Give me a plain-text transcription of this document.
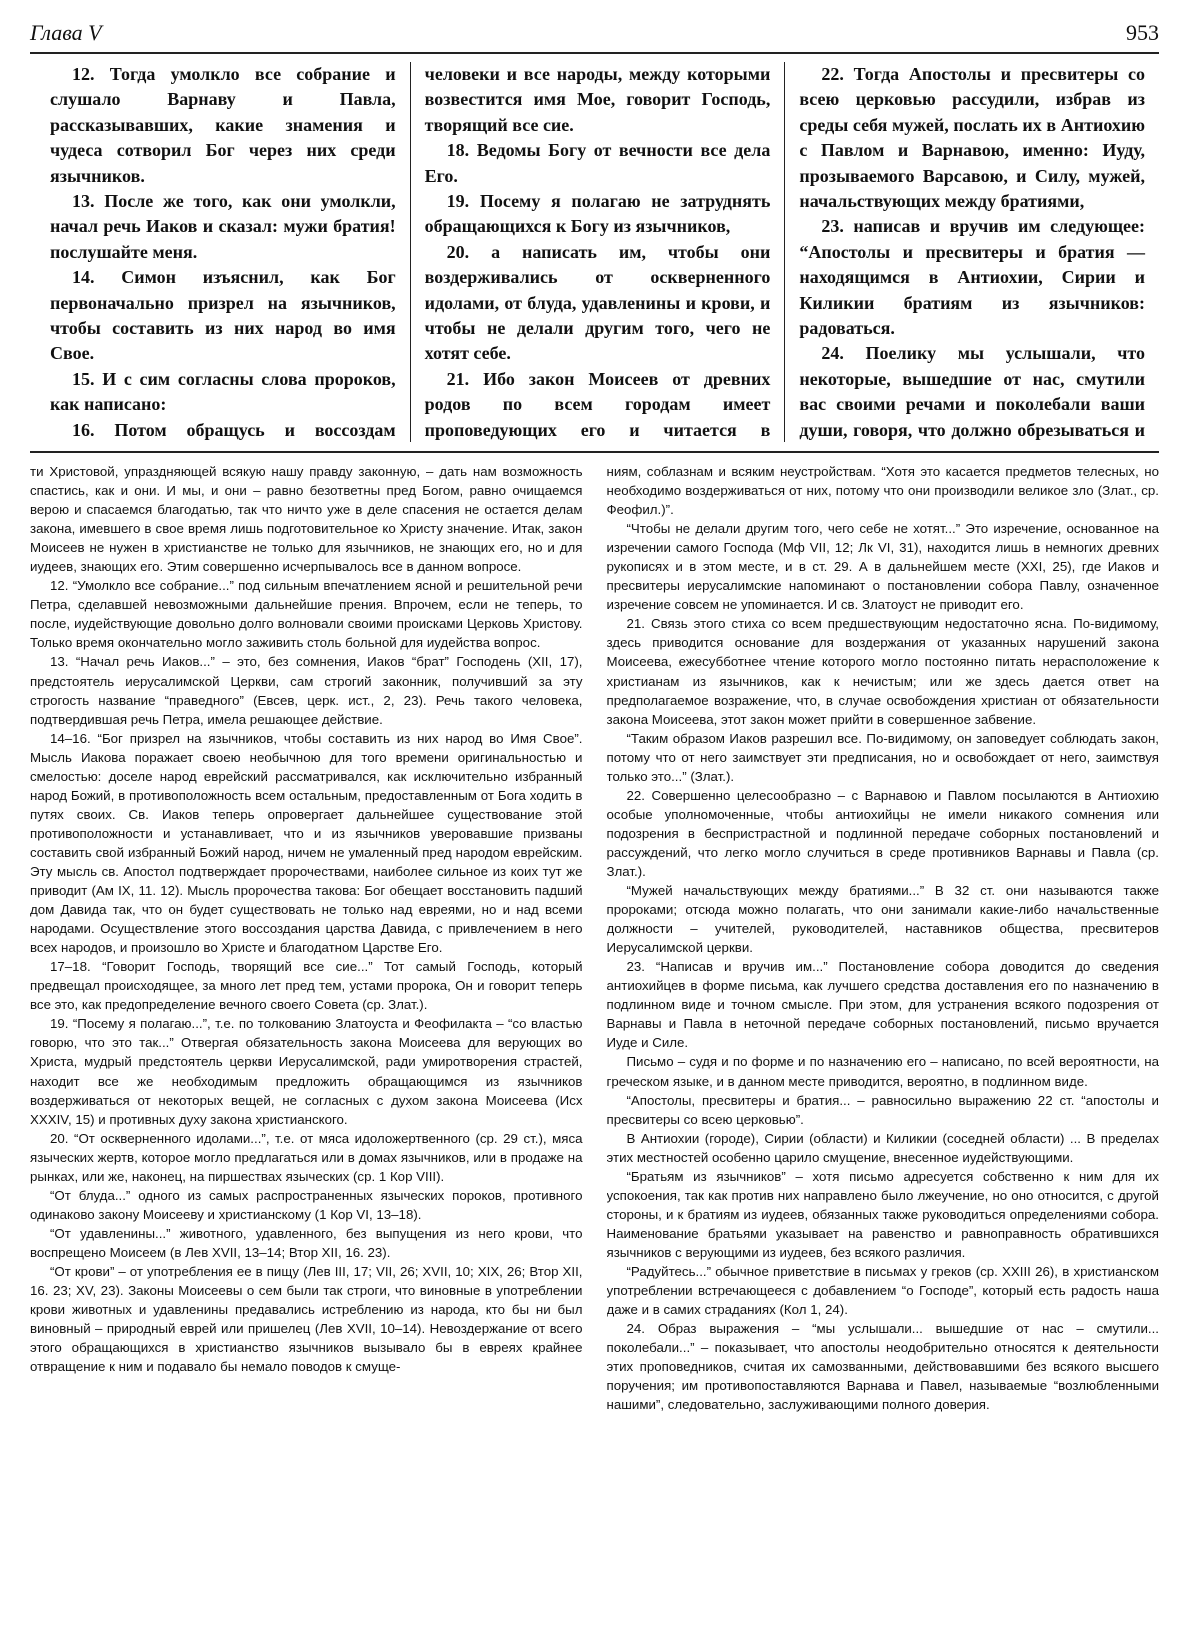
Глава V	953

12. Тогда умолкло все собрание и слушало Варнаву и Павла, рассказывавших, какие знамения и чудеса сотворил Бог через них среди язычников.

13. После же того, как они умолкли, начал речь Иаков и сказал: мужи братия! послушайте меня.

14. Симон изъяснил, как Бог первоначально призрел на язычников, чтобы составить из них народ во имя Свое.

15. И с сим согласны слова пророков, как написано:

16. Потом обращусь и воссоздам

человеки и все народы, между которыми возвестится имя Мое, говорит Господь, творящий все сие.

18. Ведомы Богу от вечности все дела Его.

19. Посему я полагаю не затруднять обращающихся к Богу из язычников,

20. а написать им, чтобы они воздерживались от оскверненного идолами, от блуда, удавленины и крови, и чтобы не делали другим того, чего не хотят себе.

21. Ибо закон Моисеев от древних родов по всем городам имеет проповедующих его и читается в

22. Тогда Апостолы и пресвитеры со всею церковью рассудили, избрав из среды себя мужей, послать их в Антиохию с Павлом и Варнавою, именно: Иуду, прозываемого Варсавою, и Силу, мужей, начальствующих между братиями,

23. написав и вручив им следующее: “Апостолы и пресвитеры и братия — находящимся в Антиохии, Сирии и Киликии братиям из язычников: радоваться.

24. Поелику мы услышали, что некоторые, вышедшие от нас, смутили вас своими речами и поколебали ваши души, говоря, что должно обрезываться и

ти Христовой, упраздняющей всякую нашу правду законную, – дать нам возможность спастись, как и они. И мы, и они – равно безответны пред Богом, равно очищаемся верою и спасаемся благодатью, так что ничто уже в деле спасения не остается делам закона, имевшего в свое время лишь подготовительное ко Христу значение. Итак, закон Моисеев не нужен в христианстве не только для язычников, не знающих его, но и для иудеев, знающих его. Этим совершенно исчерпывалось все в данном вопросе.

12. “Умолкло все собрание...” под сильным впечатлением ясной и решительной речи Петра, сделавшей невозможными дальнейшие прения. Впрочем, если не теперь, то после, иудействующие довольно долго волновали своими происками Церковь Христову. Только время окончательно могло заживить столь больной для иудейства вопрос.

13. “Начал речь Иаков...” – это, без сомнения, Иаков “брат” Господень (XII, 17), предстоятель иерусалимской Церкви, сам строгий законник, получивший за эту строгость название “праведного” (Евсев, церк. ист., 2, 23). Речь такого человека, подтвердившая речь Петра, имела решающее действие.

14–16. “Бог призрел на язычников, чтобы составить из них народ во Имя Свое”. Мысль Иакова поражает своею необычною для того времени оригинальностью и смелостью: доселе народ еврейский рассматривался, как исключительно избранный народ Божий, в противоположность всем остальным, предоставленным от Бога ходить в путях своих. Св. Иаков теперь опровергает дальнейшее существование этой противоположности и устанавливает, что и из язычников уверовавшие призваны составить свой избранный Божий народ, ничем не умаленный пред народом еврейским. Эту мысль св. Апостол подтверждает пророчествами, наиболее сильное из коих тут же приводит (Ам IX, 11. 12). Мысль пророчества такова: Бог обещает восстановить падший дом Давида так, что он будет существовать не только над евреями, но и над всеми народами. Осуществление этого воссоздания царства Давида, с привлечением в него всех народов, и произошло во Христе и благодатном Царстве Его.

17–18. “Говорит Господь, творящий все сие...” Тот самый Господь, который предвещал происходящее, за много лет пред тем, устами пророка, Он и говорит теперь все это, как предопределение вечного своего Совета (ср. Злат.).

19. “Посему я полагаю...”, т.е. по толкованию Златоуста и Феофилакта – “со властью говорю, что это так...” Отвергая обязательность закона Моисеева для верующих во Христа, мудрый предстоятель церкви Иерусалимской, ради умиротворения страстей, находит все же необходимым предложить обращающимся из язычников воздерживаться от некоторых вещей, не согласных с духом закона Моисеева (Исх XXXIV, 15) и противных духу закона христианского.

20. “От оскверненного идолами...”, т.е. от мяса идоложертвенного (ср. 29 ст.), мяса языческих жертв, которое могло предлагаться или в домах язычников, или в продаже на рынках, или же, наконец, на пиршествах языческих (ср. 1 Кор VIII).

“От блуда...” одного из самых распространенных языческих пороков, противного одинаково закону Моисееву и христианскому (1 Кор VI, 13–18).

“От удавленины...” животного, удавленного, без выпущения из него крови, что воспрещено Моисеем (в Лев XVII, 13–14; Втор XII, 16. 23).

“От крови” – от употребления ее в пищу (Лев III, 17; VII, 26; XVII, 10; XIX, 26; Втор XII, 16. 23; XV, 23). Законы Моисеевы о сем были так строги, что виновные в употреблении крови животных и удавленины предавались истреблению из народа, кто бы ни был виновный – природный еврей или пришелец (Лев XVII, 10–14). Невоздержание от всего этого обращающихся в христианство язычников вызывало бы в евреях крайнее отвращение к ним и подавало бы немало поводов к смуще-

ниям, соблазнам и всяким неустройствам. “Хотя это касается предметов телесных, но необходимо воздерживаться от них, потому что они производили великое зло (Злат., ср. Феофил.)”.

“Чтобы не делали другим того, чего себе не хотят...” Это изречение, основанное на изречении самого Господа (Мф VII, 12; Лк VI, 31), находится лишь в немногих древних рукописях и в этом месте, и в ст. 29. А в дальнейшем месте (XXI, 25), где Иаков и пресвитеры иерусалимские напоминают о постановлении собора Павлу, означенное изречение совсем не упоминается. И св. Златоуст не приводит его.

21. Связь этого стиха со всем предшествующим недостаточно ясна. По-видимому, здесь приводится основание для воздержания от указанных нарушений закона Моисеева, ежесубботнее чтение которого могло постоянно питать нерасположение к христианам из язычников, как к нечистым; или же здесь дается ответ на предполагаемое возражение, что, в случае освобождения христиан от обязательности закона Моисеева, этот закон может прийти в совершенное забвение.

“Таким образом Иаков разрешил все. По-видимому, он заповедует соблюдать закон, потому что от него заимствует эти предписания, но и освобождает от него, заимствуя только это...” (Злат.).

22. Совершенно целесообразно – с Варнавою и Павлом посылаются в Антиохию особые уполномоченные, чтобы антиохийцы не имели никакого сомнения или подозрения в беспристрастной и подлинной передаче соборных постановлений и рассуждений, что легко могло случиться в среде противников Варнавы и Павла (ср. Злат.).

“Мужей начальствующих между братиями...” В 32 ст. они называются также пророками; отсюда можно полагать, что они занимали какие-либо начальственные должности – учителей, руководителей, наставников общества, пресвитеров Иерусалимской церкви.

23. “Написав и вручив им...” Постановление собора доводится до сведения антиохийцев в форме письма, как лучшего средства доставления его по назначению в подлинном виде и точном смысле. При этом, для устранения всякого подозрения от Варнавы и Павла в неточной передаче соборных постановлений, письмо вручается Иуде и Силе.

Письмо – судя и по форме и по назначению его – написано, по всей вероятности, на греческом языке, и в данном месте приводится, вероятно, в подлинном виде.

“Апостолы, пресвитеры и братия... – равносильно выражению 22 ст. “апостолы и пресвитеры со всею церковью”.

В Антиохии (городе), Сирии (области) и Киликии (соседней области) ... В пределах этих местностей особенно царило смущение, внесенное иудействующими.

“Братьям из язычников” – хотя письмо адресуется собственно к ним для их успокоения, так как против них направлено было лжеучение, но оно относится, с другой стороны, и к братиям из иудеев, обязанных также руководиться определениями собора. Наименование братьями указывает на равенство и равноправность обратившихся язычников с верующими из иудеев, без всякого различия.

“Радуйтесь...” обычное приветствие в письмах у греков (ср. XXIII 26), в христианском употреблении встречающееся с добавлением “о Господе”, который есть радость наша даже и в самих страданиях (Кол 1, 24).

24. Образ выражения – “мы услышали... вышедшие от нас – смутили... поколебали...” – показывает, что апостолы неодобрительно относятся к деятельности этих проповедников, считая их самозванными, действовавшими без всякого высшего поручения; им противопоставляются Варнава и Павел, называемые “возлюбленными нашими”, следовательно, заслуживающими полного доверия.
